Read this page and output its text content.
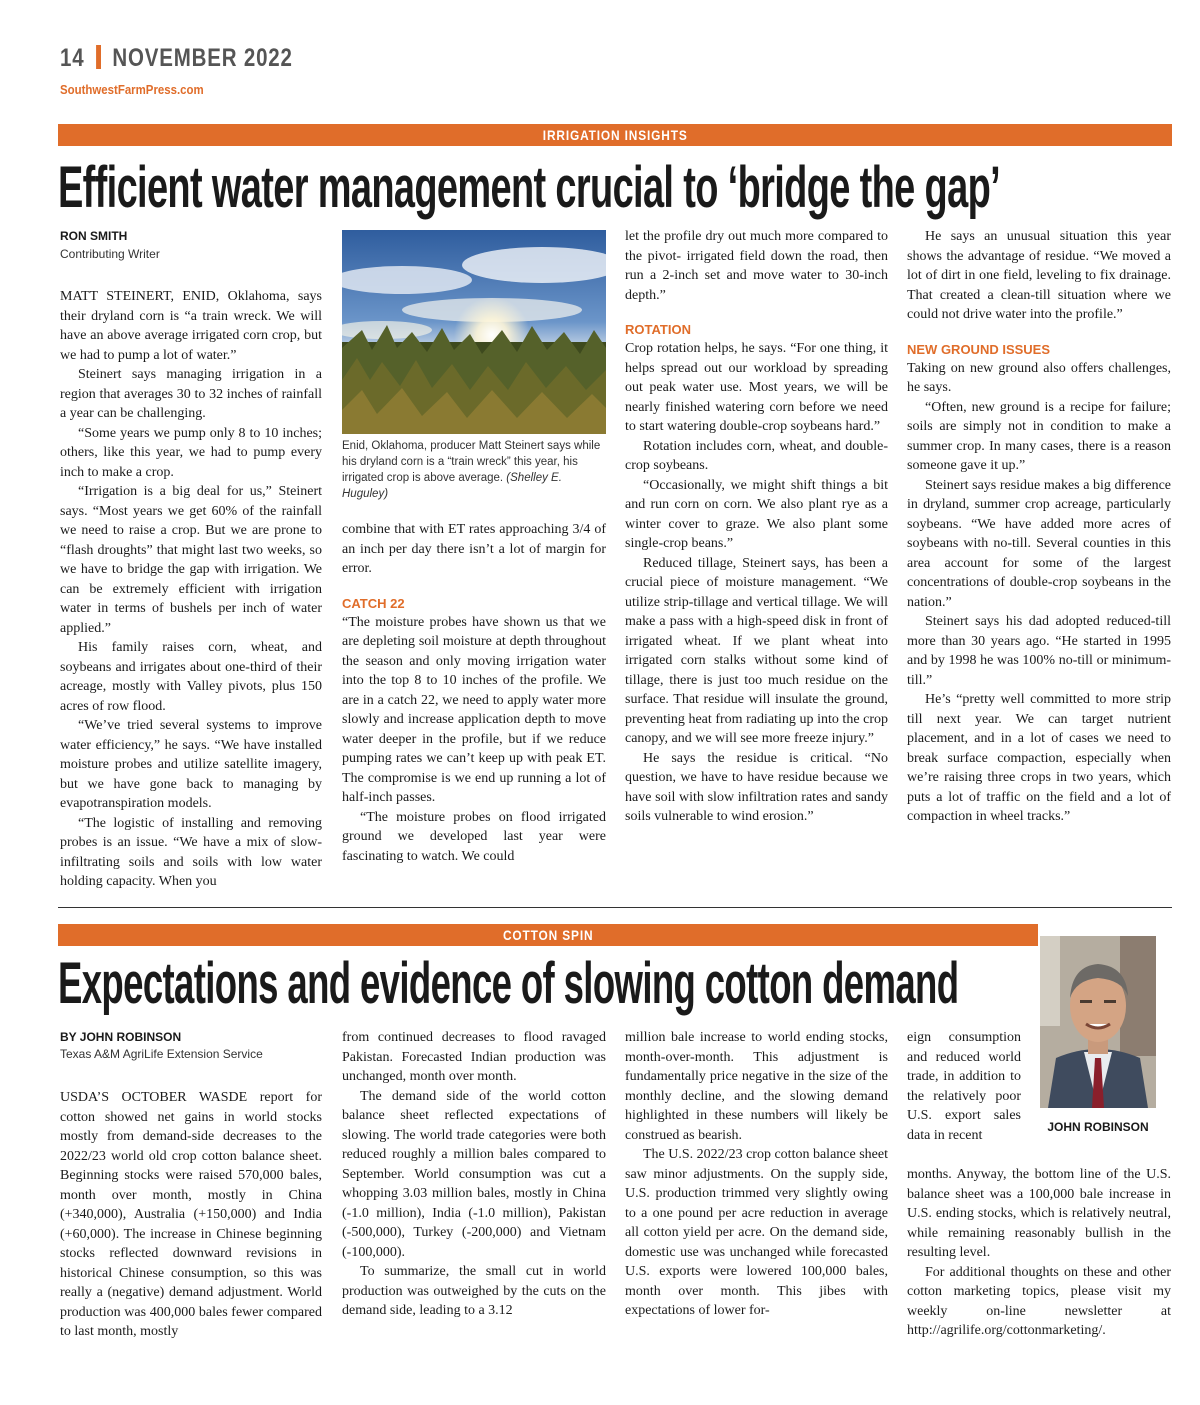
14 NOVEMBER 2022
SouthwestFarmPress.com
IRRIGATION INSIGHTS
Efficient water management crucial to ‘bridge the gap’
RON SMITH
Contributing Writer

MATT STEINERT, ENID, Oklahoma, says their dryland corn is “a train wreck. We will have an above average irrigated corn crop, but we had to pump a lot of water.”

Steinert says managing irrigation in a region that averages 30 to 32 inches of rainfall a year can be challenging.

“Some years we pump only 8 to 10 inches; others, like this year, we had to pump every inch to make a crop.

“Irrigation is a big deal for us,” Steinert says. “Most years we get 60% of the rainfall we need to raise a crop. But we are prone to “flash droughts” that might last two weeks, so we have to bridge the gap with irrigation. We can be extremely efficient with irrigation water in terms of bushels per inch of water applied.”

His family raises corn, wheat, and soybeans and irrigates about one-third of their acreage, mostly with Valley pivots, plus 150 acres of row flood.

“We’ve tried several systems to improve water efficiency,” he says. “We have installed moisture probes and utilize satellite imagery, but we have gone back to managing by evapotranspiration models.

“The logistic of installing and removing probes is an issue. “We have a mix of slow-infiltrating soils and soils with low water holding capacity. When you

Enid, Oklahoma, producer Matt Steinert says while his dryland corn is a “train wreck” this year, his irrigated crop is above average. (Shelley E. Huguley)

combine that with ET rates approaching 3/4 of an inch per day there isn’t a lot of margin for error.

CATCH 22

“The moisture probes have shown us that we are depleting soil moisture at depth throughout the season and only moving irrigation water into the top 8 to 10 inches of the profile. We are in a catch 22, we need to apply water more slowly and increase application depth to move water deeper in the profile, but if we reduce pumping rates we can’t keep up with peak ET. The compromise is we end up running a lot of half-inch passes.

“The moisture probes on flood irrigated ground we developed last year were fascinating to watch. We could

let the profile dry out much more compared to the pivot- irrigated field down the road, then run a 2-inch set and move water to 30-inch depth.”

ROTATION

Crop rotation helps, he says. “For one thing, it helps spread out our workload by spreading out peak water use. Most years, we will be nearly finished watering corn before we need to start watering double-crop soybeans hard.”

Rotation includes corn, wheat, and double-crop soybeans.

“Occasionally, we might shift things a bit and run corn on corn. We also plant rye as a winter cover to graze. We also plant some single-crop beans.”

Reduced tillage, Steinert says, has been a crucial piece of moisture management. “We utilize strip-tillage and vertical tillage. We will make a pass with a high-speed disk in front of irrigated wheat. If we plant wheat into irrigated corn stalks without some kind of tillage, there is just too much residue on the surface. That residue will insulate the ground, preventing heat from radiating up into the crop canopy, and we will see more freeze injury.”

He says the residue is critical. “No question, we have to have residue because we have soil with slow infiltration rates and sandy soils vulnerable to wind erosion.”

He says an unusual situation this year shows the advantage of residue. “We moved a lot of dirt in one field, leveling to fix drainage. That created a clean-till situation where we could not drive water into the profile.”

NEW GROUND ISSUES

Taking on new ground also offers challenges, he says.

“Often, new ground is a recipe for failure; soils are simply not in condition to make a summer crop. In many cases, there is a reason someone gave it up.”

Steinert says residue makes a big difference in dryland, summer crop acreage, particularly soybeans. “We have added more acres of soybeans with no-till. Several counties in this area account for some of the largest concentrations of double-crop soybeans in the nation.”

Steinert says his dad adopted reduced-till more than 30 years ago. “He started in 1995 and by 1998 he was 100% no-till or minimum-till.”

He’s “pretty well committed to more strip till next year. We can target nutrient placement, and in a lot of cases we need to break surface compaction, especially when we’re raising three crops in two years, which puts a lot of traffic on the field and a lot of compaction in wheel tracks.”

COTTON SPIN
Expectations and evidence of slowing cotton demand
JOHN ROBINSON
BY JOHN ROBINSON
Texas A&M AgriLife Extension Service

USDA’S OCTOBER WASDE report for cotton showed net gains in world stocks mostly from demand-side decreases to the 2022/23 world old crop cotton balance sheet. Beginning stocks were raised 570,000 bales, month over month, mostly in China (+340,000), Australia (+150,000) and India (+60,000). The increase in Chinese beginning stocks reflected downward revisions in historical Chinese consumption, so this was really a (negative) demand adjustment. World production was 400,000 bales fewer compared to last month, mostly

from continued decreases to flood ravaged Pakistan. Forecasted Indian production was unchanged, month over month.

The demand side of the world cotton balance sheet reflected expectations of slowing. The world trade categories were both reduced roughly a million bales compared to September. World consumption was cut a whopping 3.03 million bales, mostly in China (-1.0 million), India (-1.0 million), Pakistan (-500,000), Turkey (-200,000) and Vietnam (-100,000).

To summarize, the small cut in world production was outweighed by the cuts on the demand side, leading to a 3.12

million bale increase to world ending stocks, month-over-month. This adjustment is fundamentally price negative in the size of the monthly decline, and the slowing demand highlighted in these numbers will likely be construed as bearish.

The U.S. 2022/23 crop cotton balance sheet saw minor adjustments. On the supply side, U.S. production trimmed very slightly owing to a one pound per acre reduction in average all cotton yield per acre. On the demand side, domestic use was unchanged while forecasted U.S. exports were lowered 100,000 bales, month over month. This jibes with expectations of lower for-

eign consumption and reduced world trade, in addition to the relatively poor U.S. export sales data in recent

months. Anyway, the bottom line of the U.S. balance sheet was a 100,000 bale increase in U.S. ending stocks, which is relatively neutral, while remaining reasonably bullish in the resulting level.

For additional thoughts on these and other cotton marketing topics, please visit my weekly on-line newsletter at http://agrilife.org/cottonmarketing/.
